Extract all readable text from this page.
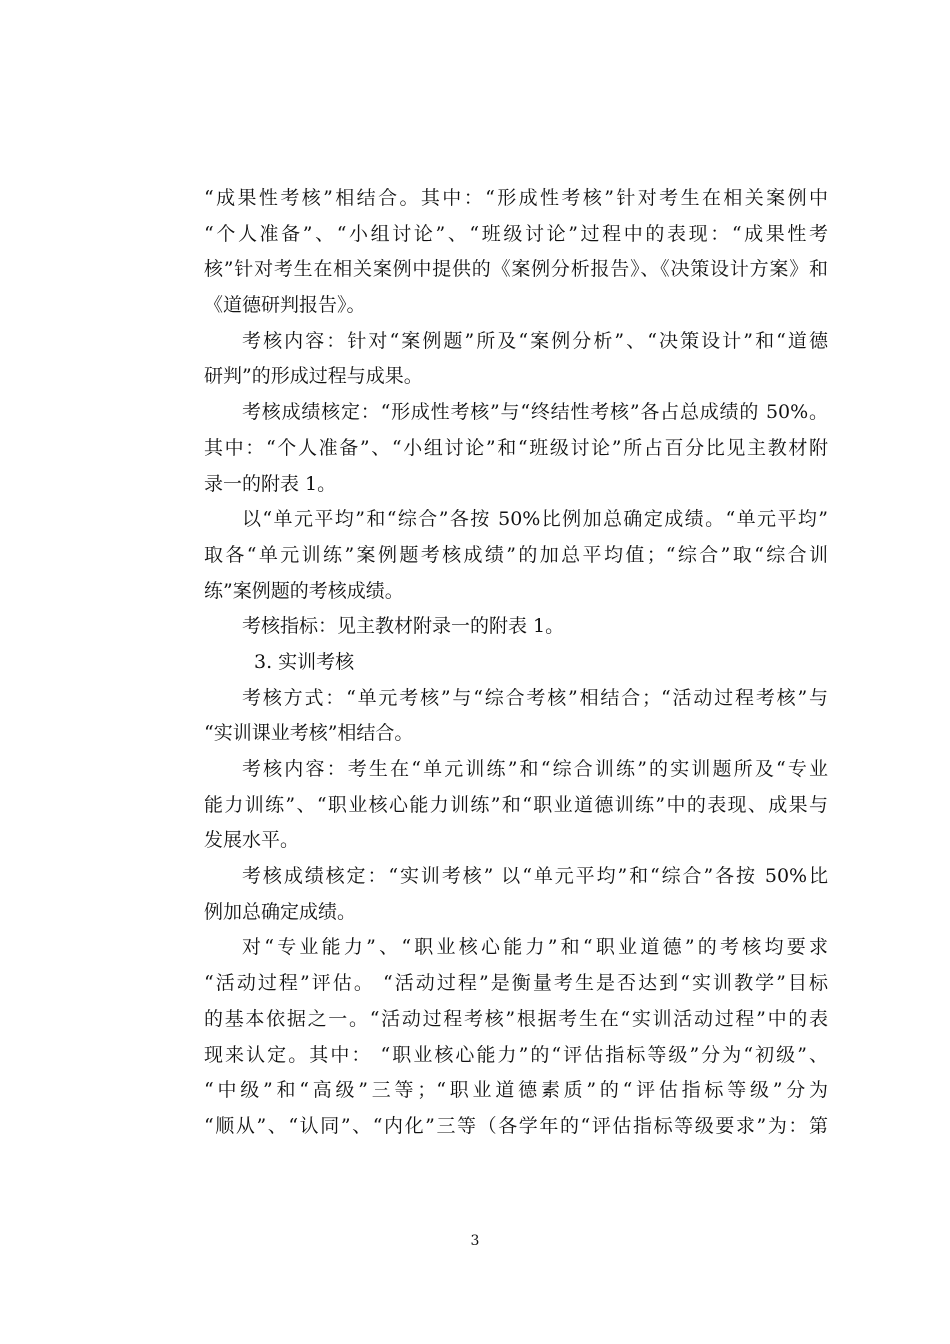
“成果性考核”相结合。其中：“形成性考核”针对考生在相关案例中
“个人准备”、“小组讨论”、“班级讨论”过程中的表现：“成果性考
核”针对考生在相关案例中提供的《案例分析报告》、《决策设计方案》和
《道德研判报告》。
考核内容：针对“案例题”所及“案例分析”、“决策设计”和“道德
研判”的形成过程与成果。
考核成绩核定：“形成性考核”与“终结性考核”各占总成绩的 50%。
其中：“个人准备”、“小组讨论”和“班级讨论”所占百分比见主教材附
录一的附表 1。
以“单元平均”和“综合”各按 50%比例加总确定成绩。“单元平均”
取各“单元训练”案例题考核成绩”的加总平均值；“综合”取“综合训
练”案例题的考核成绩。
考核指标：见主教材附录一的附表 1。
3. 实训考核
考核方式：“单元考核”与“综合考核”相结合；“活动过程考核”与
“实训课业考核”相结合。
考核内容：考生在“单元训练”和“综合训练”的实训题所及“专业
能力训练”、“职业核心能力训练”和“职业道德训练”中的表现、成果与
发展水平。
考核成绩核定：“实训考核” 以“单元平均”和“综合”各按 50%比
例加总确定成绩。
对“专业能力”、“职业核心能力”和“职业道德”的考核均要求
“活动过程”评估。 “活动过程”是衡量考生是否达到“实训教学”目标
的基本依据之一。“活动过程考核”根据考生在“实训活动过程”中的表
现来认定。其中： “职业核心能力”的“评估指标等级”分为“初级”、
“中级”和“高级”三等；“职业道德素质”的“评估指标等级”分为
“顺从”、“认同”、“内化”三等（各学年的“评估指标等级要求”为：第
3
